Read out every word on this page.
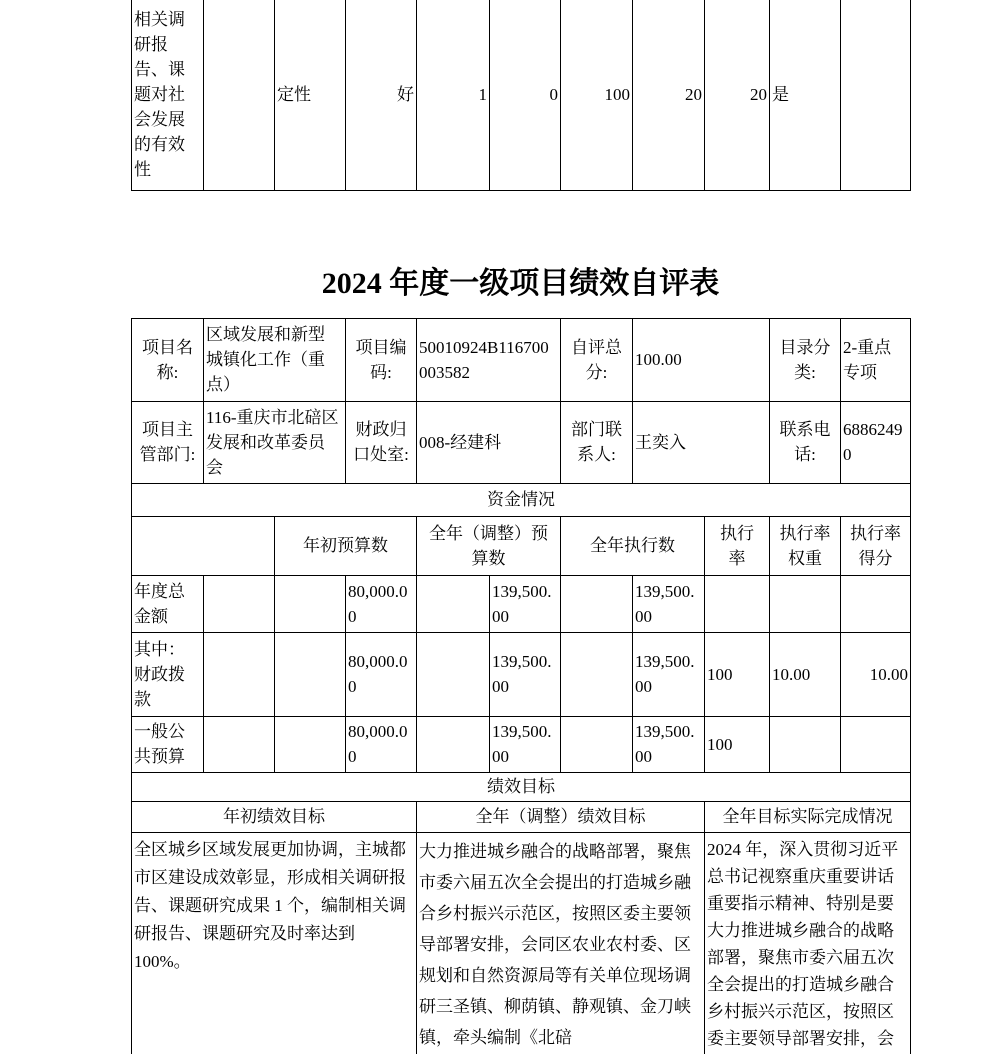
相关调研报告、课题对社会发展的有效性		定性	好	1	0	100	20	20	是	
2024 年度一级项目绩效自评表
项目名称:	区域发展和新型城镇化工作（重点）		项目编码:	50010924B116700003582		自评总分:	100.00		目录分类:	2-重点专项
项目主管部门:	116-重庆市北碚区发展和改革委员会		财政归口处室:	008-经建科		部门联系人:	王奕入		联系电话:	68862490
资金情况										
		年初预算数		全年（调整）预算数		全年执行数		执行率	执行率权重	执行率得分
年度总金额			80,000.00		139,500.00		139,500.00			
其中：财政拨款			80,000.00		139,500.00		139,500.00	100	10.00	10.00
一般公共预算			80,000.00		139,500.00		139,500.00	100		
绩效目标										
年初绩效目标				全年（调整）绩效目标				全年目标实际完成情况		
全区城乡区域发展更加协调，主城都市区建设成效彰显，形成相关调研报告、课题研究成果 1 个，编制相关调研报告、课题研究及时率达到 100%。				大力推进城乡融合的战略部署，聚焦市委六届五次全会提出的打造城乡融合乡村振兴示范区，按照区委主要领导部署安排，会同区农业农村委、区规划和自然资源局等有关单位现场调研三圣镇、柳荫镇、静观镇、金刀峡镇，牵头编制《北碚				2024 年，深入贯彻习近平总书记视察重庆重要讲话重要指示精神、特别是要大力推进城乡融合的战略部署，聚焦市委六届五次全会提出的打造城乡融合乡村振兴示范区，按照区委主要领导部署安排，会		
